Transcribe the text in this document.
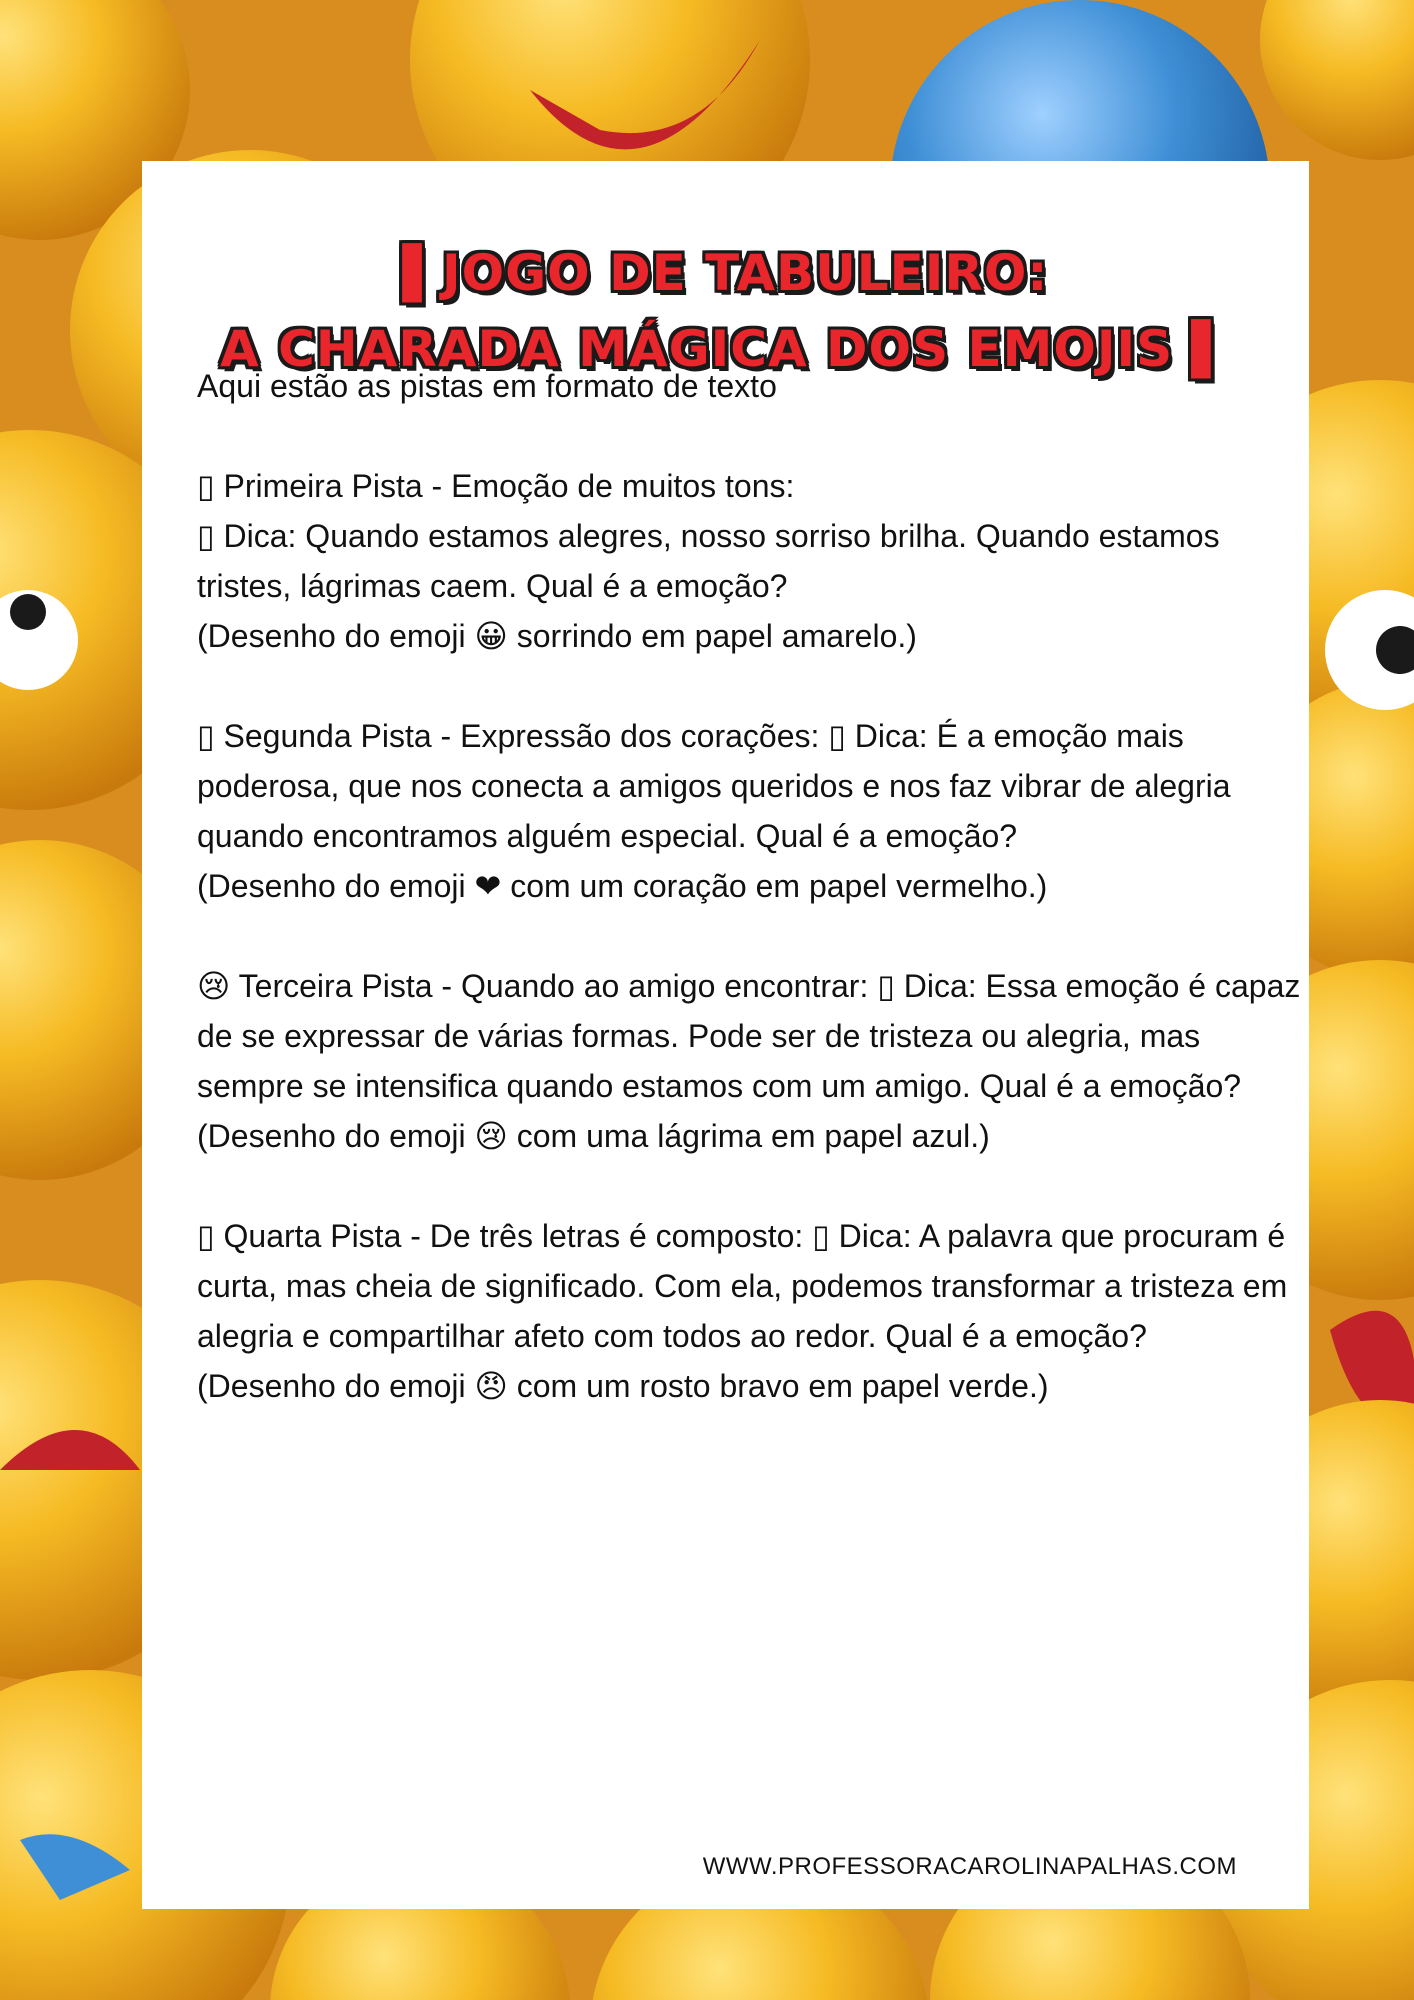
▌JOGO DE TABULEIRO:
A CHARADA MÁGICA DOS EMOJIS ▌

Aqui estão as pistas em formato de texto

▯ Primeira Pista - Emoção de muitos tons:

▯ Dica: Quando estamos alegres, nosso sorriso brilha. Quando estamos tristes, lágrimas caem. Qual é a emoção?

(Desenho do emoji 😀 sorrindo em papel amarelo.)

▯ Segunda Pista - Expressão dos corações: ▯ Dica: É a emoção mais poderosa, que nos conecta a amigos queridos e nos faz vibrar de alegria quando encontramos alguém especial. Qual é a emoção?

(Desenho do emoji ❤ com um coração em papel vermelho.)

😢 Terceira Pista - Quando ao amigo encontrar: ▯ Dica: Essa emoção é capaz de se expressar de várias formas. Pode ser de tristeza ou alegria, mas sempre se intensifica quando estamos com um amigo. Qual é a emoção?

(Desenho do emoji 😢 com uma lágrima em papel azul.)

▯ Quarta Pista - De três letras é composto: ▯ Dica: A palavra que procuram é curta, mas cheia de significado. Com ela, podemos transformar a tristeza em alegria e compartilhar afeto com todos ao redor. Qual é a emoção?

(Desenho do emoji 😠 com um rosto bravo em papel verde.)

WWW.PROFESSORACAROLINAPALHAS.COM
